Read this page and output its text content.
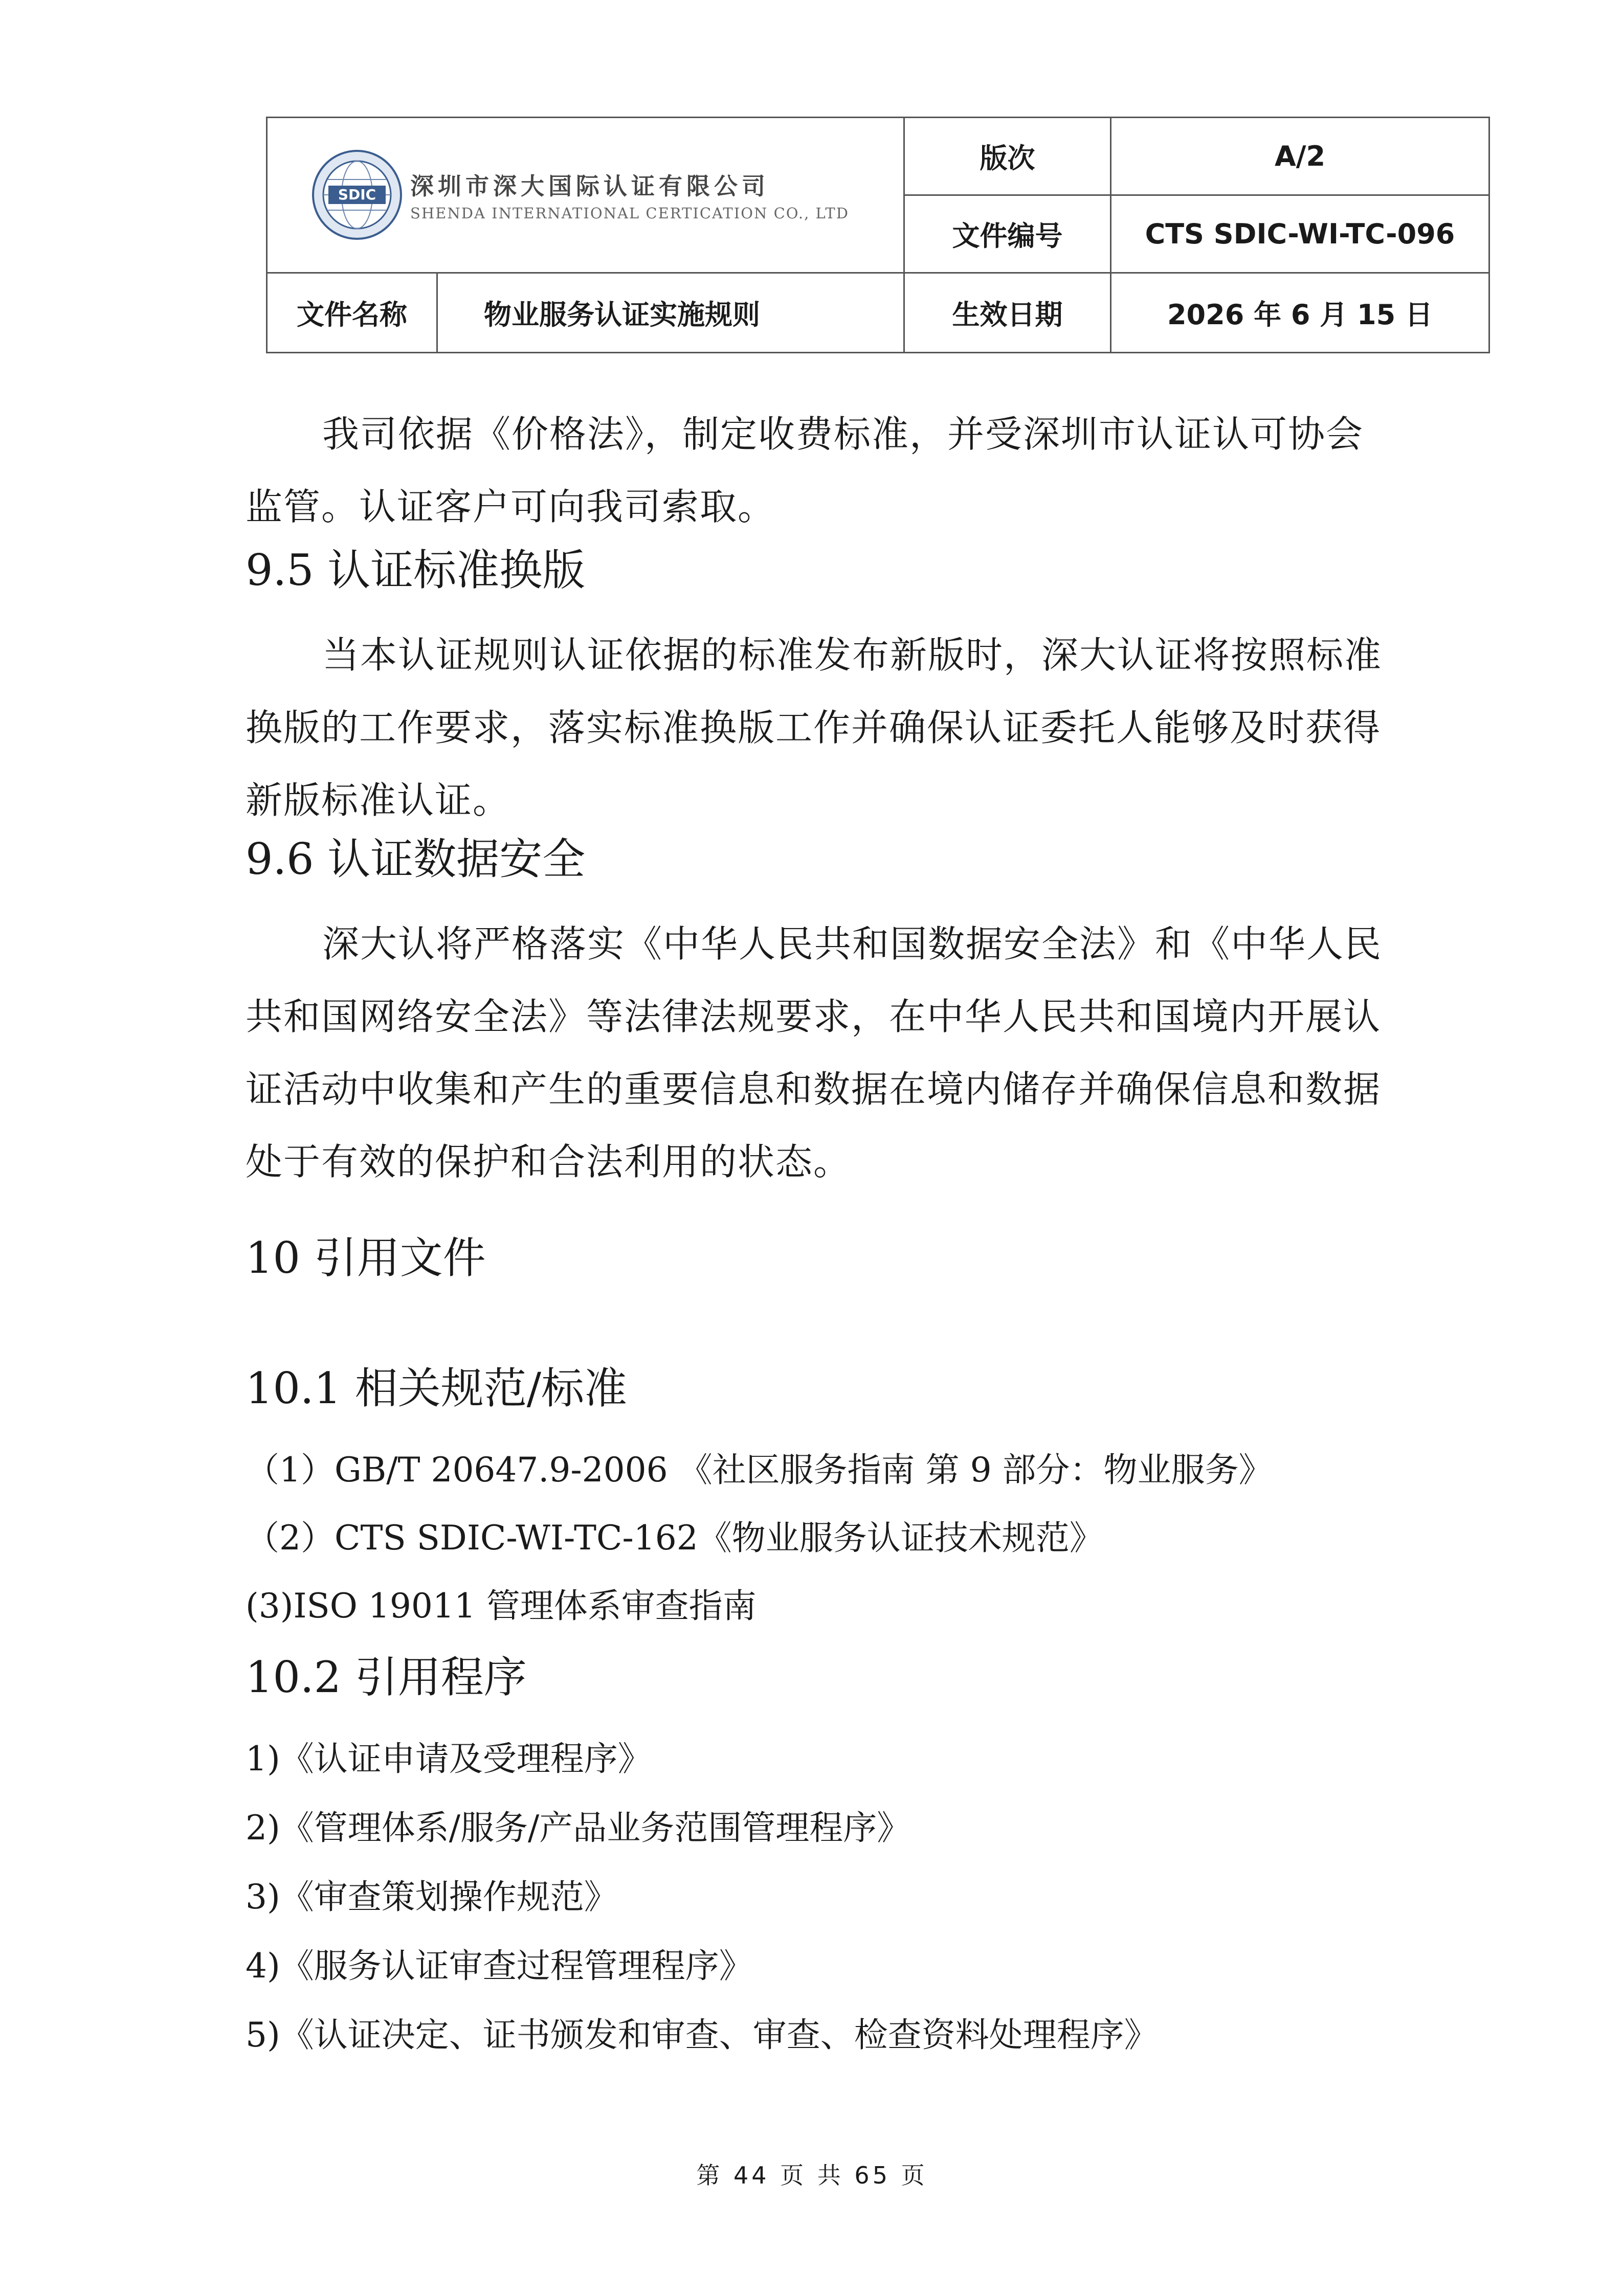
SDIC 深圳市深大国际认证有限公司
SHENDA INTERNATIONAL CERTICATION CO., LTD		版次	A/2
		文件编号	CTS SDIC-WI-TC-096
文件名称	物业服务认证实施规则	生效日期	2026 年 6 月 15 日

我司依据《价格法》，制定收费标准，并受深圳市认证认可协会监管。认证客户可向我司索取。

9.5 认证标准换版

当本认证规则认证依据的标准发布新版时，深大认证将按照标准换版的工作要求，落实标准换版工作并确保认证委托人能够及时获得新版标准认证。

9.6 认证数据安全

深大认将严格落实《中华人民共和国数据安全法》和《中华人民共和国网络安全法》等法律法规要求，在中华人民共和国境内开展认证活动中收集和产生的重要信息和数据在境内储存并确保信息和数据处于有效的保护和合法利用的状态。

10 引用文件
10.1 相关规范/标准
（1）GB/T 20647.9-2006 《社区服务指南 第 9 部分：物业服务》
（2）CTS SDIC-WI-TC-162《物业服务认证技术规范》
(3)ISO 19011 管理体系审查指南
10.2 引用程序
1)《认证申请及受理程序》
2)《管理体系/服务/产品业务范围管理程序》
3)《审查策划操作规范》
4)《服务认证审查过程管理程序》
5)《认证决定、证书颁发和审查、审查、检查资料处理程序》
第 44 页 共 65 页
